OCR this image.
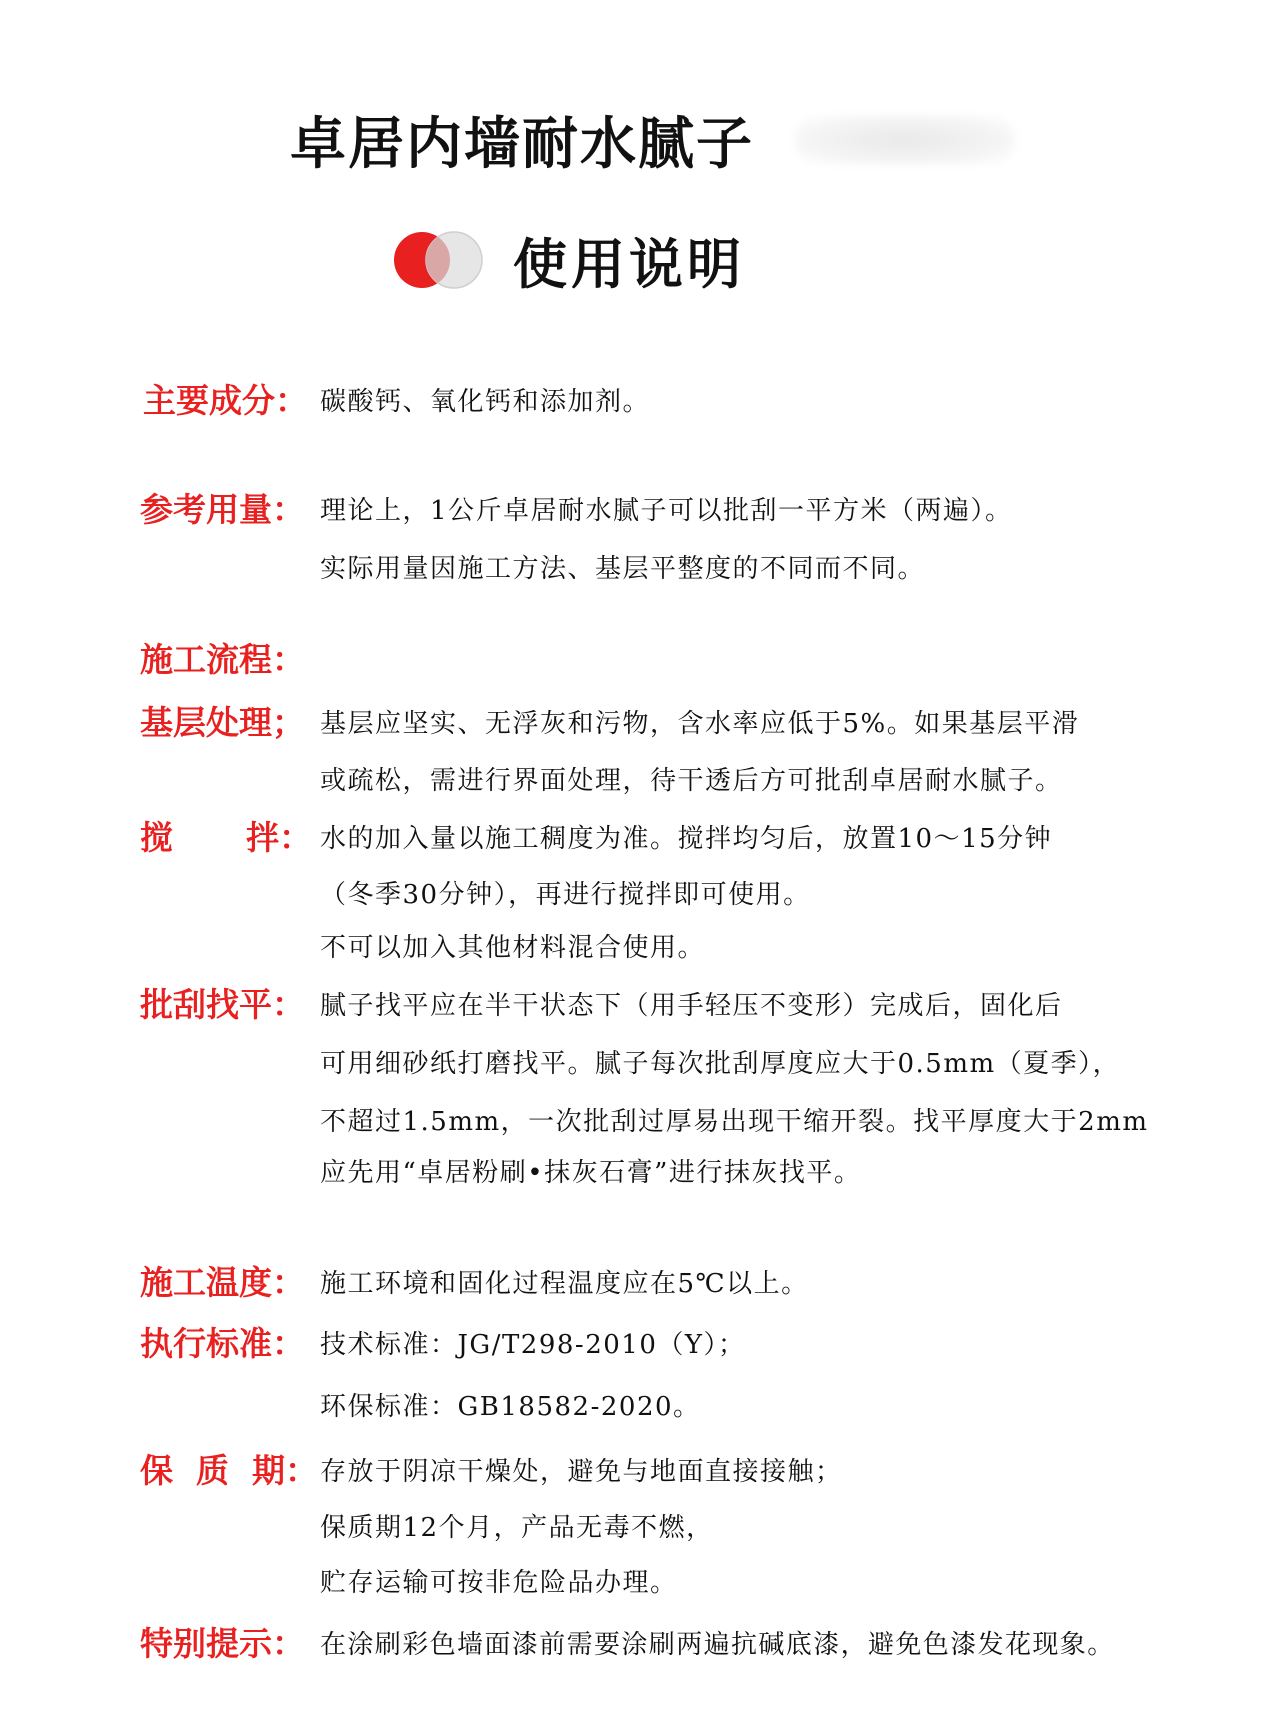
卓居内墙耐水腻子
使用说明
主要成分： 碳酸钙、氧化钙和添加剂。
参考用量： 理论上，1公斤卓居耐水腻子可以批刮一平方米（两遍）。
实际用量因施工方法、基层平整度的不同而不同。
施工流程：
基层处理； 基层应坚实、无浮灰和污物，含水率应低于5%。如果基层平滑
或疏松，需进行界面处理，待干透后方可批刮卓居耐水腻子。
搅 拌： 水的加入量以施工稠度为准。搅拌均匀后，放置10～15分钟
（冬季30分钟），再进行搅拌即可使用。
不可以加入其他材料混合使用。
批刮找平： 腻子找平应在半干状态下（用手轻压不变形）完成后，固化后
可用细砂纸打磨找平。腻子每次批刮厚度应大于0.5mm（夏季），
不超过1.5mm，一次批刮过厚易出现干缩开裂。找平厚度大于2mm
应先用“卓居粉刷•抹灰石膏”进行抹灰找平。
施工温度： 施工环境和固化过程温度应在5℃以上。
执行标准： 技术标准：JG/T298-2010（Y）；
环保标准：GB18582-2020。
保  质  期： 存放于阴凉干燥处，避免与地面直接接触；
保质期12个月，产品无毒不燃，
贮存运输可按非危险品办理。
特别提示： 在涂刷彩色墙面漆前需要涂刷两遍抗碱底漆，避免色漆发花现象。
